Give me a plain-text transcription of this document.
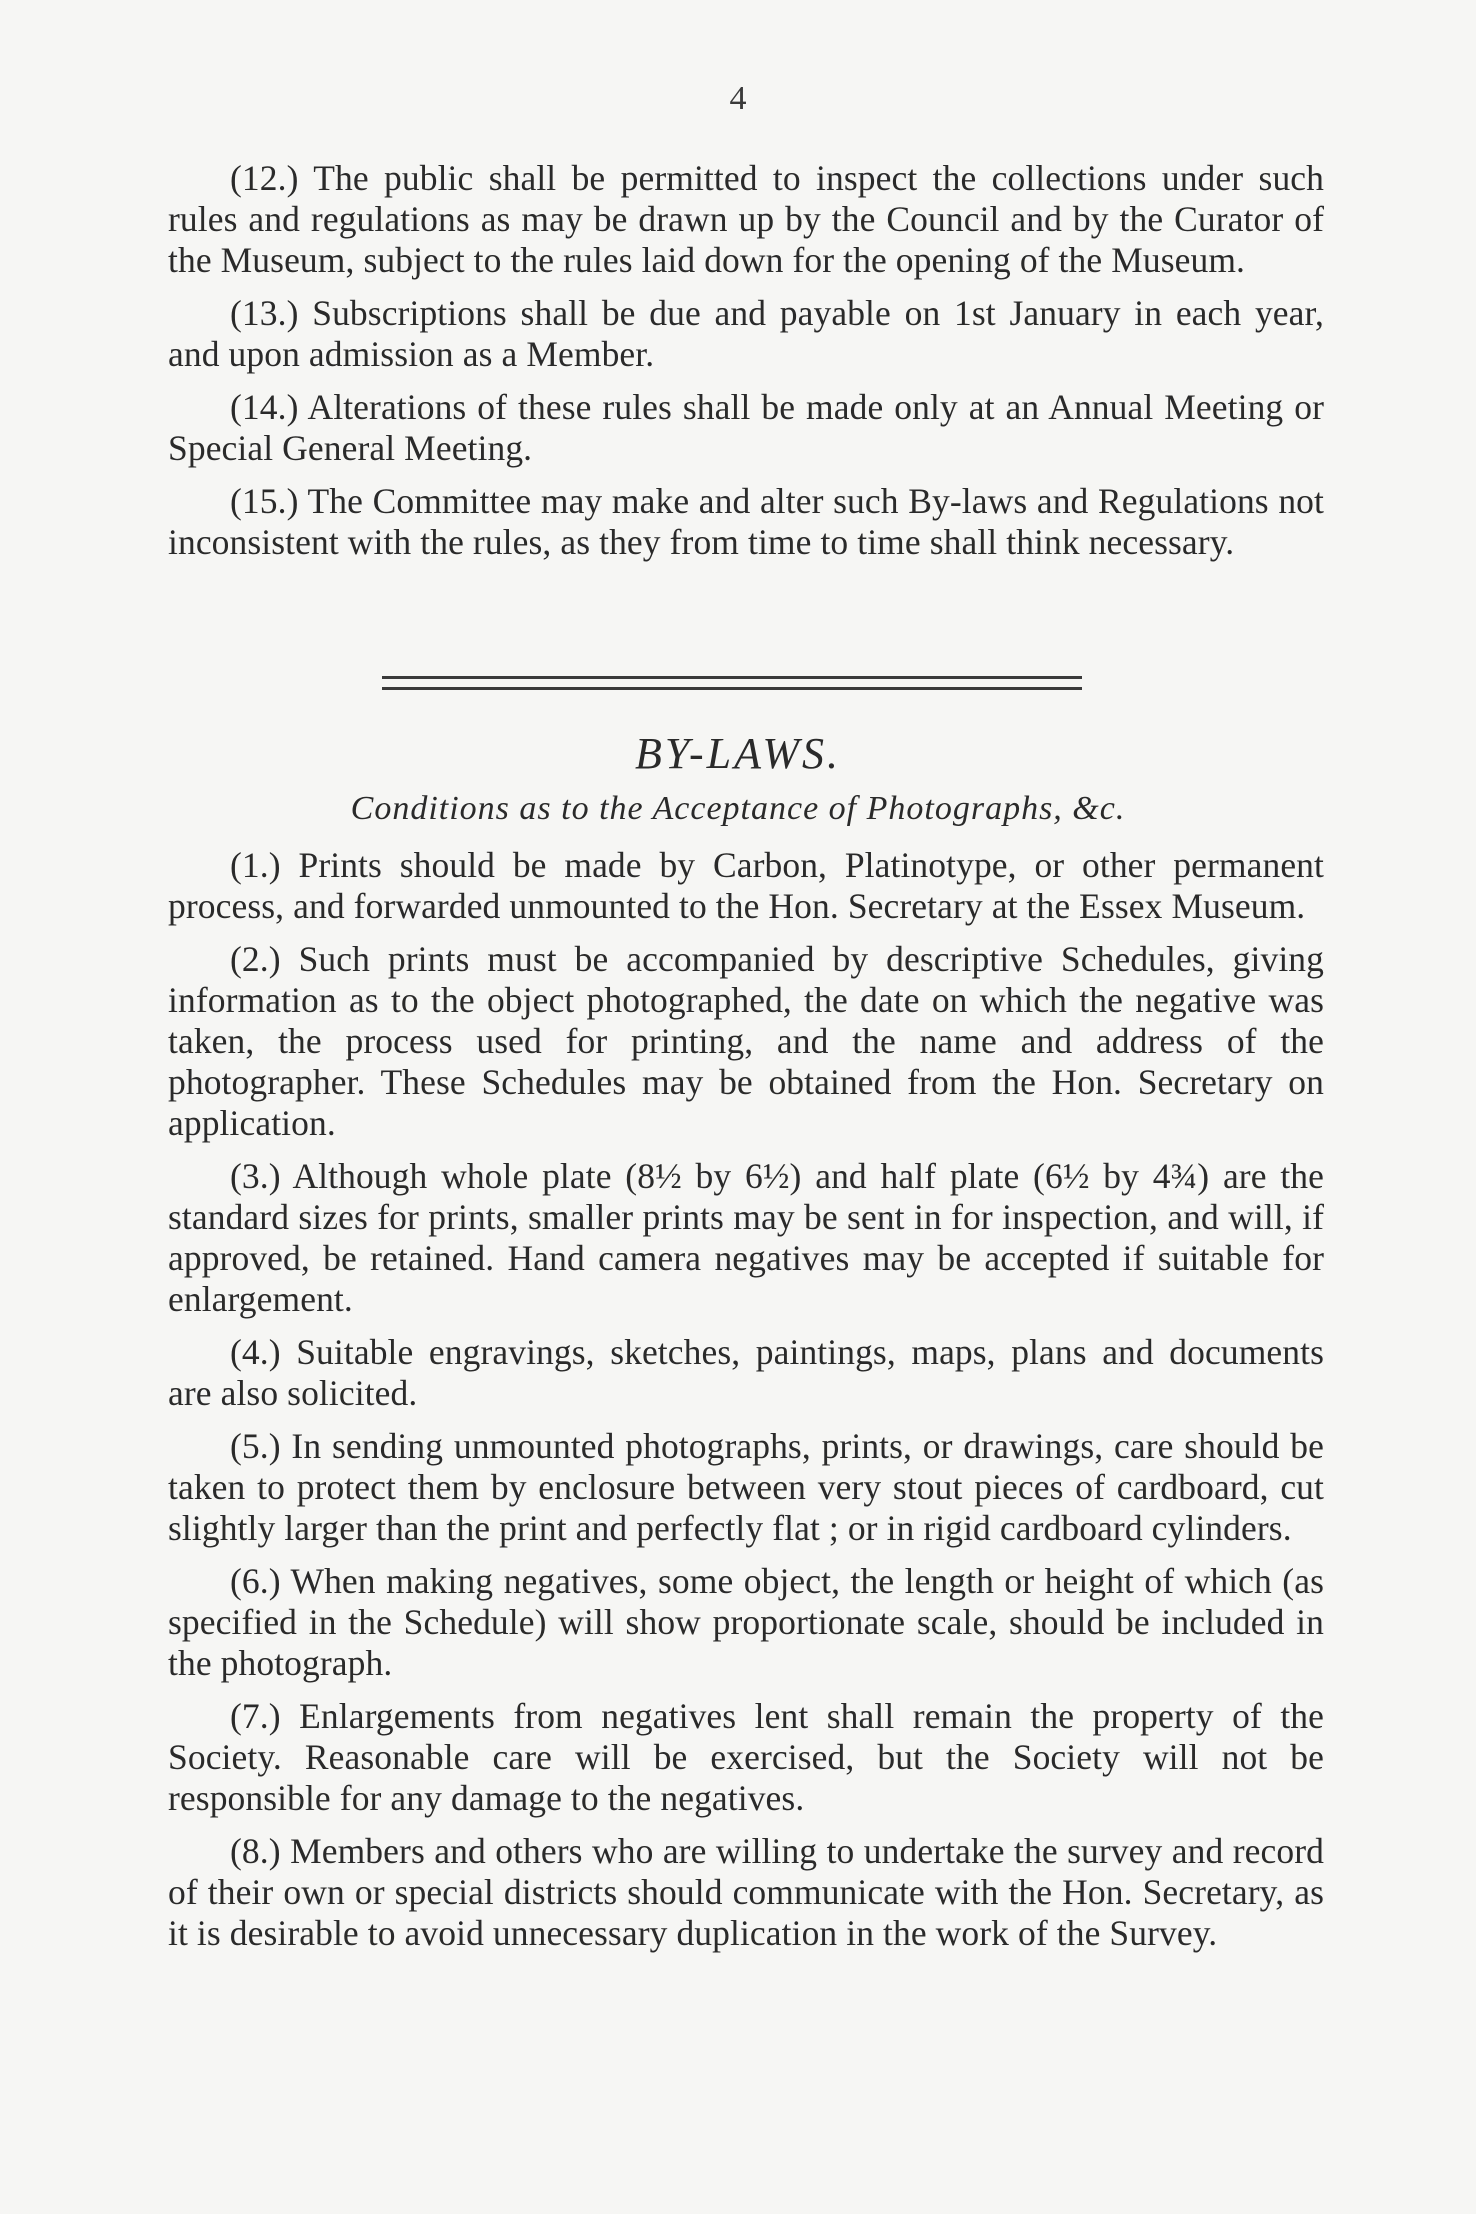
4

(12.) The public shall be permitted to inspect the collections under such rules and regulations as may be drawn up by the Council and by the Curator of the Museum, subject to the rules laid down for the opening of the Museum.

(13.) Subscriptions shall be due and payable on 1st January in each year, and upon admission as a Member.

(14.) Alterations of these rules shall be made only at an Annual Meeting or Special General Meeting.

(15.) The Committee may make and alter such By-laws and Regulations not inconsistent with the rules, as they from time to time shall think necessary.

BY-LAWS.
Conditions as to the Acceptance of Photographs, &c.

(1.) Prints should be made by Carbon, Platinotype, or other permanent process, and forwarded unmounted to the Hon. Secretary at the Essex Museum.

(2.) Such prints must be accompanied by descriptive Schedules, giving information as to the object photographed, the date on which the negative was taken, the process used for printing, and the name and address of the photographer. These Schedules may be obtained from the Hon. Secretary on application.

(3.) Although whole plate (8½ by 6½) and half plate (6½ by 4¾) are the standard sizes for prints, smaller prints may be sent in for inspection, and will, if approved, be retained. Hand camera negatives may be accepted if suitable for enlargement.

(4.) Suitable engravings, sketches, paintings, maps, plans and documents are also solicited.

(5.) In sending unmounted photographs, prints, or drawings, care should be taken to protect them by enclosure between very stout pieces of cardboard, cut slightly larger than the print and perfectly flat ; or in rigid cardboard cylinders.

(6.) When making negatives, some object, the length or height of which (as specified in the Schedule) will show proportionate scale, should be included in the photograph.

(7.) Enlargements from negatives lent shall remain the property of the Society. Reasonable care will be exercised, but the Society will not be responsible for any damage to the negatives.

(8.) Members and others who are willing to undertake the survey and record of their own or special districts should communicate with the Hon. Secretary, as it is desirable to avoid unnecessary duplication in the work of the Survey.
